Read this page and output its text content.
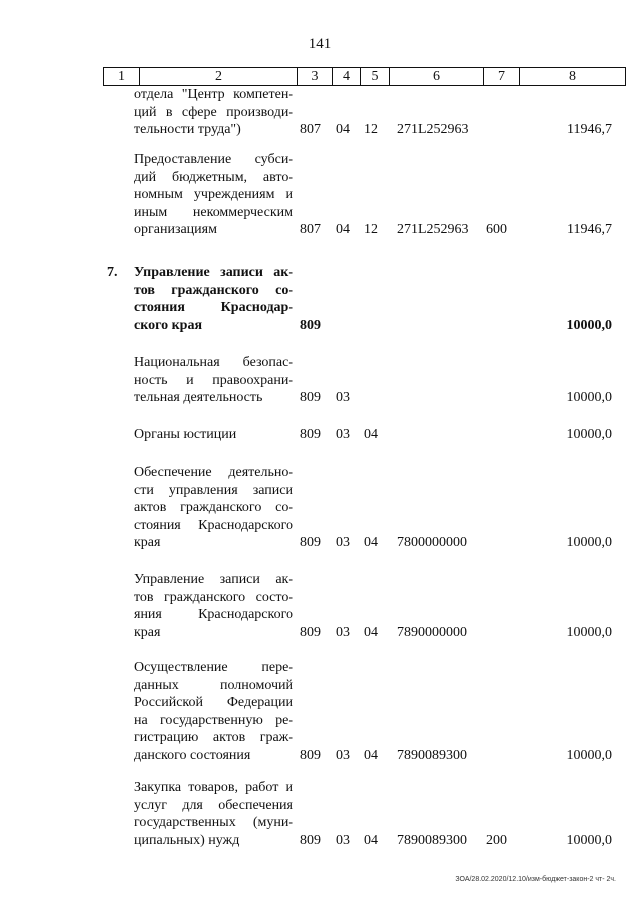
141
1	2	3	4	5	6	7	8
отдела "Центр компетен-
ций в сфере производи-
тельности труда")	807 04 12 271L252963	11946,7
Предоставление субси-
дий бюджетным, авто-
номным учреждениям и
иным некоммерческим
организациям	807 04 12 271L252963 600	11946,7
7. Управление записи ак-
тов гражданского со-
стояния Краснодар-
ского края	809	10000,0
Национальная безопас-
ность и правоохрани-
тельная деятельность	809 03	10000,0
Органы юстиции	809 03 04	10000,0
Обеспечение деятельно-
сти управления записи
актов гражданского со-
стояния Краснодарского
края	809 03 04 7800000000	10000,0
Управление записи ак-
тов гражданского состо-
яния Краснодарского
края	809 03 04 7890000000	10000,0
Осуществление пере-
данных полномочий
Российской Федерации
на государственную ре-
гистрацию актов граж-
данского состояния	809 03 04 7890089300	10000,0
Закупка товаров, работ и
услуг для обеспечения
государственных (муни-
ципальных) нужд	809 03 04 7890089300 200	10000,0
ЗОА/28.02.2020/12.10/изм-бюджет-закон-2 чт- 2ч.
